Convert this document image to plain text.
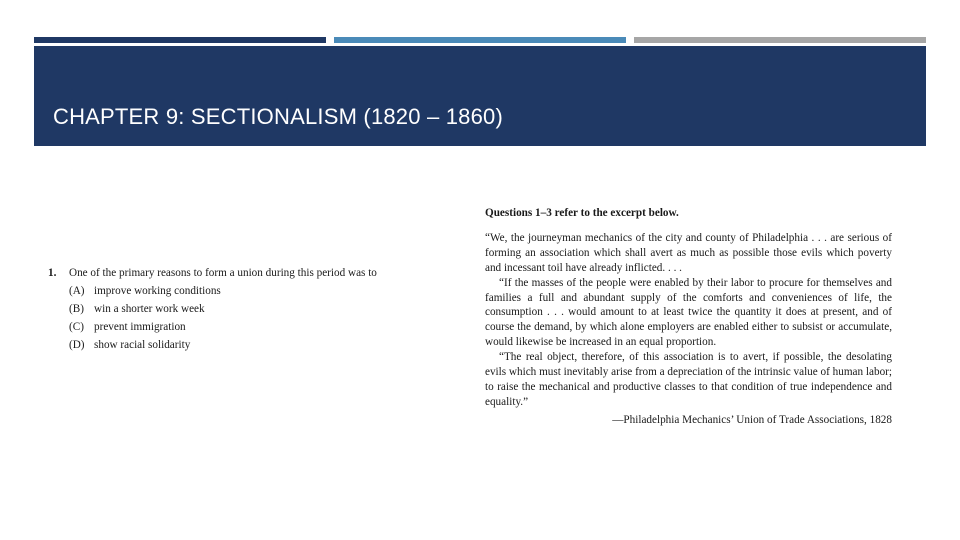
CHAPTER 9: SECTIONALISM (1820 – 1860)
1.	One of the primary reasons to form a union during this period was to
(A) improve working conditions
(B) win a shorter work week
(C) prevent immigration
(D) show racial solidarity
Questions 1–3 refer to the excerpt below.

“We, the journeyman mechanics of the city and county of Philadelphia . . . are serious of forming an association which shall avert as much as possible those evils which poverty and incessant toil have already inflicted. . . .

“If the masses of the people were enabled by their labor to procure for themselves and families a full and abundant supply of the comforts and conveniences of life, the consumption . . . would amount to at least twice the quantity it does at present, and of course the demand, by which alone employers are enabled either to subsist or accumulate, would likewise be increased in an equal proportion.

“The real object, therefore, of this association is to avert, if possible, the desolating evils which must inevitably arise from a depreciation of the intrinsic value of human labor; to raise the mechanical and productive classes to that condition of true independence and equality.”

—Philadelphia Mechanics’ Union of Trade Associations, 1828
